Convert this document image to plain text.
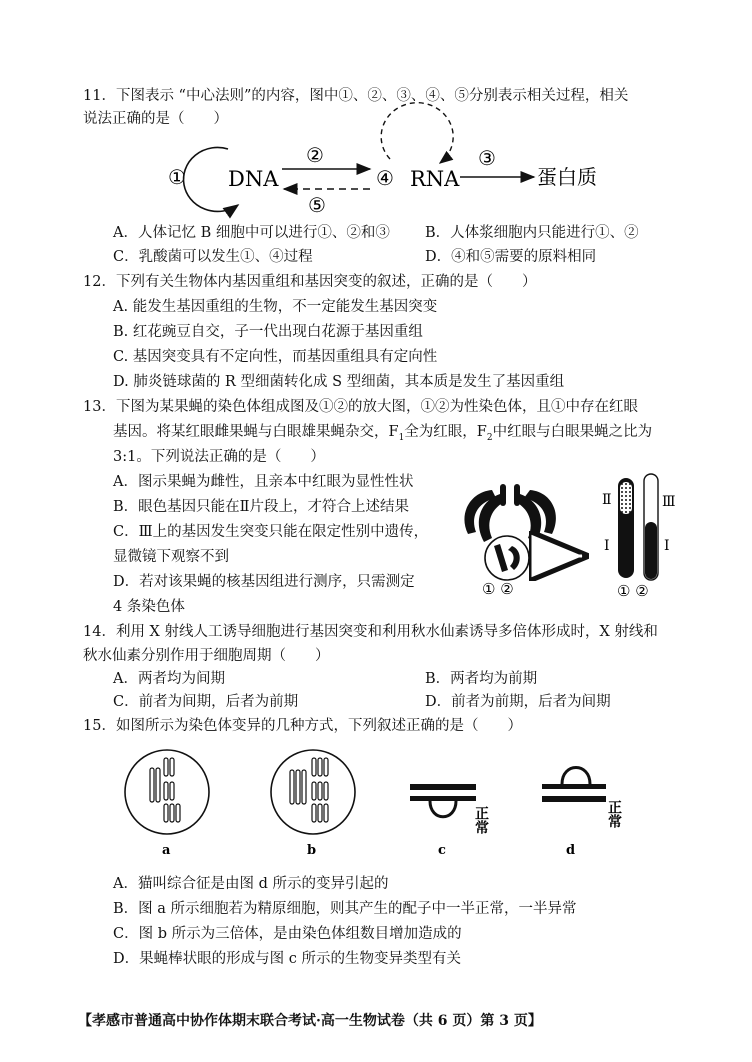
11．下图表示 “中心法则”的内容，图中①、②、③、④、⑤分别表示相关过程，相关
说法正确的是（　　）
① DNA
②
⑤
④ RNA
③
蛋白质
A．人体记忆 B 细胞中可以进行①、②和③ B．人体浆细胞内只能进行①、②
C．乳酸菌可以发生①、④过程	D．④和⑤需要的原料相同
12．下列有关生物体内基因重组和基因突变的叙述，正确的是（　　）
A. 能发生基因重组的生物，不一定能发生基因突变
B. 红花豌豆自交，子一代出现白花源于基因重组
C. 基因突变具有不定向性，而基因重组具有定向性
D. 肺炎链球菌的 R 型细菌转化成 S 型细菌，其本质是发生了基因重组
13．下图为某果蝇的染色体组成图及①②的放大图，①②为性染色体，且①中存在红眼
基因。将某红眼雌果蝇与白眼雄果蝇杂交，$F_1$全为红眼，$F_2$中红眼与白眼果蝇之比为
3:1。下列说法正确的是（　　）
A．图示果蝇为雌性，且亲本中红眼为显性性状
B．眼色基因只能在Ⅱ片段上，才符合上述结果
C．Ⅲ上的基因发生突变只能在限定性别中遗传，
显微镜下观察不到
D．若对该果蝇的核基因组进行测序，只需测定
4 条染色体
① ②
Ⅱ
Ⅰ
Ⅲ
Ⅰ
① ②
14．利用 X 射线人工诱导细胞进行基因突变和利用秋水仙素诱导多倍体形成时，X 射线和
秋水仙素分别作用于细胞周期（　　）
A．两者均为间期	B．两者均为前期
C．前者为间期，后者为前期	D．前者为前期，后者为间期
15．如图所示为染色体变异的几种方式，下列叙述正确的是（　　）
a	b
正常
c
正常
d
A．猫叫综合征是由图 d 所示的变异引起的
B．图 a 所示细胞若为精原细胞，则其产生的配子中一半正常，一半异常
C．图 b 所示为三倍体，是由染色体组数目增加造成的
D．果蝇棒状眼的形成与图 c 所示的生物变异类型有关
【孝感市普通高中协作体期末联合考试·高一生物试卷（共 6 页）第 3 页】
